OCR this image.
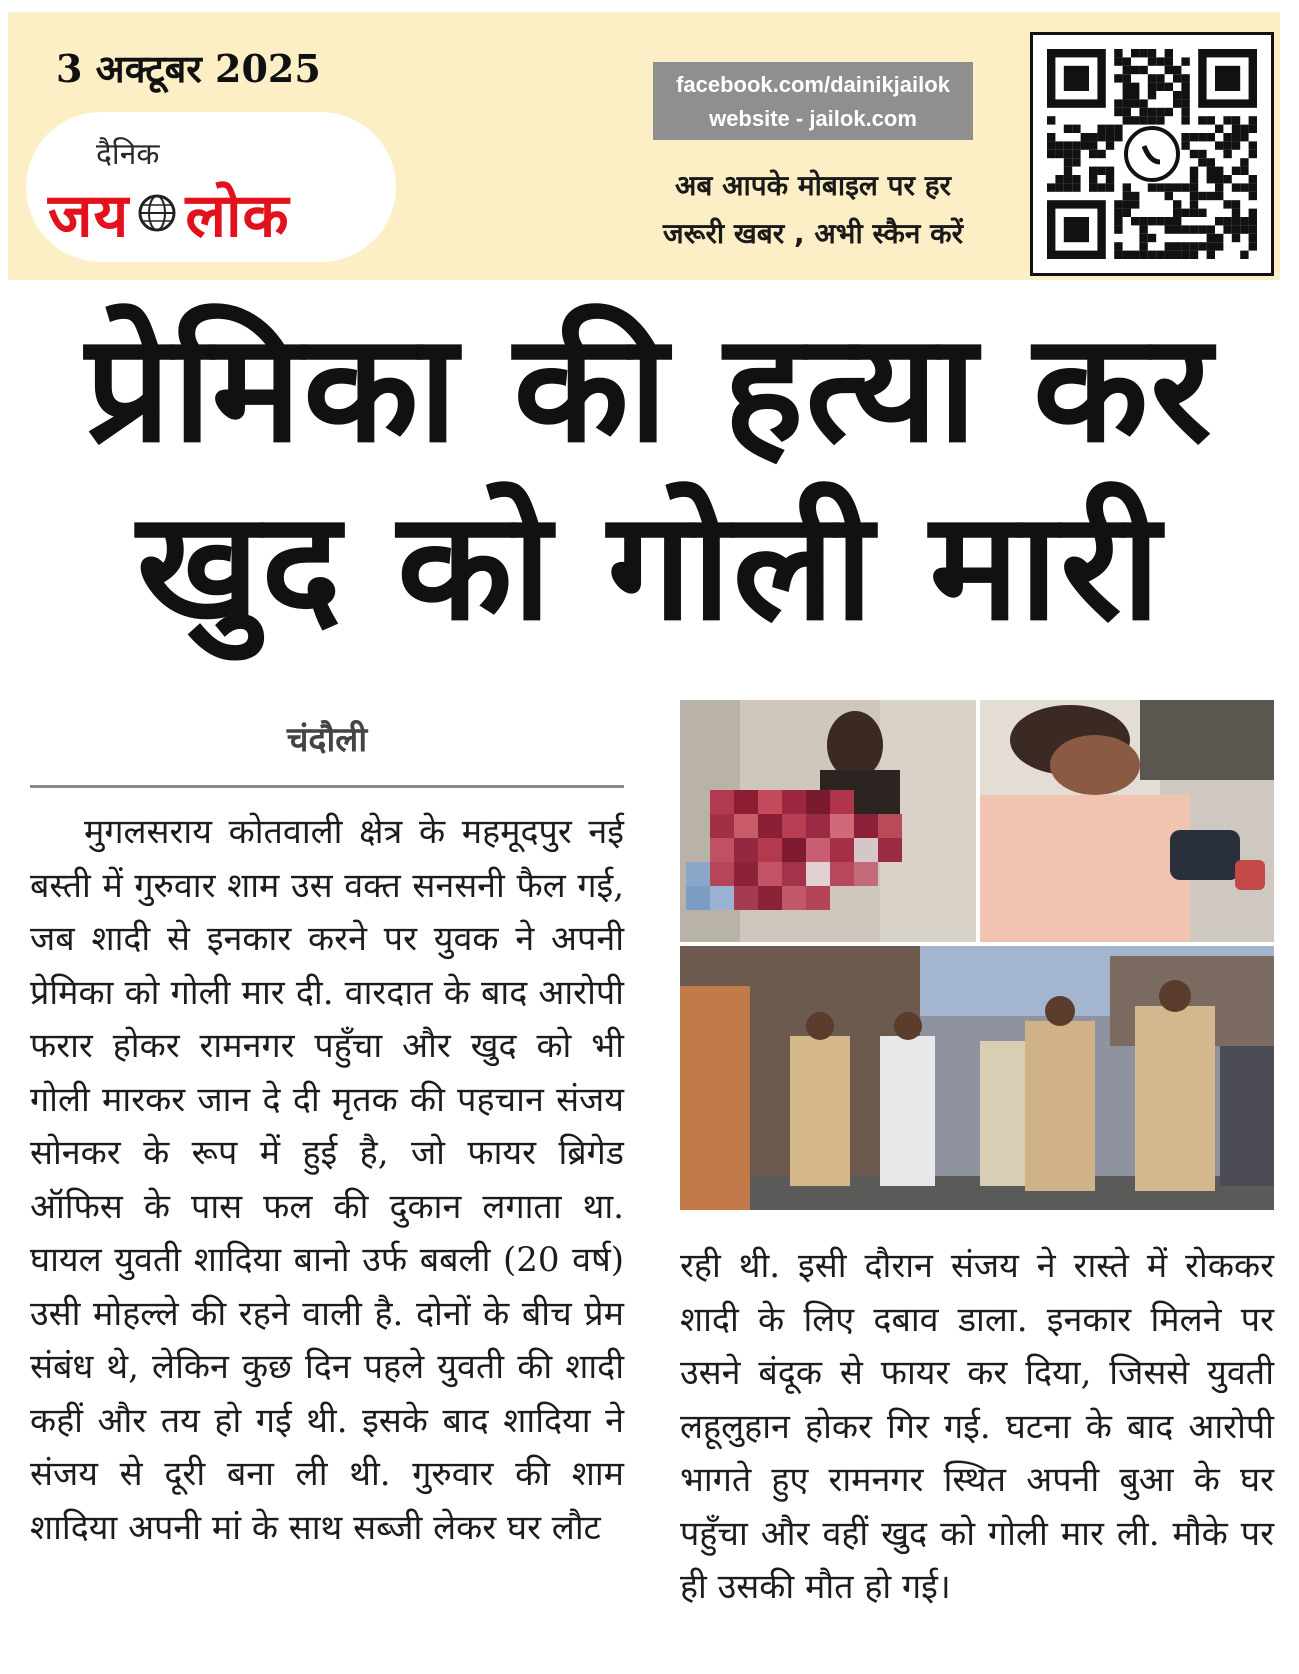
3 अक्टूबर 2025
दैनिक
जय लोक
facebook.com/dainikjailok
website - jailok.com
अब आपके मोबाइल पर हर
जरूरी खबर , अभी स्कैन करें
प्रेमिका की हत्या कर
खुद को गोली मारी
चंदौली

मुगलसराय कोतवाली क्षेत्र के महमूदपुर नई बस्ती में गुरुवार शाम उस वक्त सनसनी फैल गई, जब शादी से इनकार करने पर युवक ने अपनी प्रेमिका को गोली मार दी. वारदात के बाद आरोपी फरार होकर रामनगर पहुँचा और खुद को भी गोली मारकर जान दे दी मृतक की पहचान संजय सोनकर के रूप में हुई है, जो फायर ब्रिगेड ऑफिस के पास फल की दुकान लगाता था. घायल युवती शादिया बानो उर्फ बबली (20 वर्ष) उसी मोहल्ले की रहने वाली है. दोनों के बीच प्रेम संबंध थे, लेकिन कुछ दिन पहले युवती की शादी कहीं और तय हो गई थी. इसके बाद शादिया ने संजय से दूरी बना ली थी. गुरुवार की शाम शादिया अपनी मां के साथ सब्जी लेकर घर लौट

रही थी. इसी दौरान संजय ने रास्ते में रोककर शादी के लिए दबाव डाला. इनकार मिलने पर उसने बंदूक से फायर कर दिया, जिससे युवती लहूलुहान होकर गिर गई. घटना के बाद आरोपी भागते हुए रामनगर स्थित अपनी बुआ के घर पहुँचा और वहीं खुद को गोली मार ली. मौके पर ही उसकी मौत हो गई।
